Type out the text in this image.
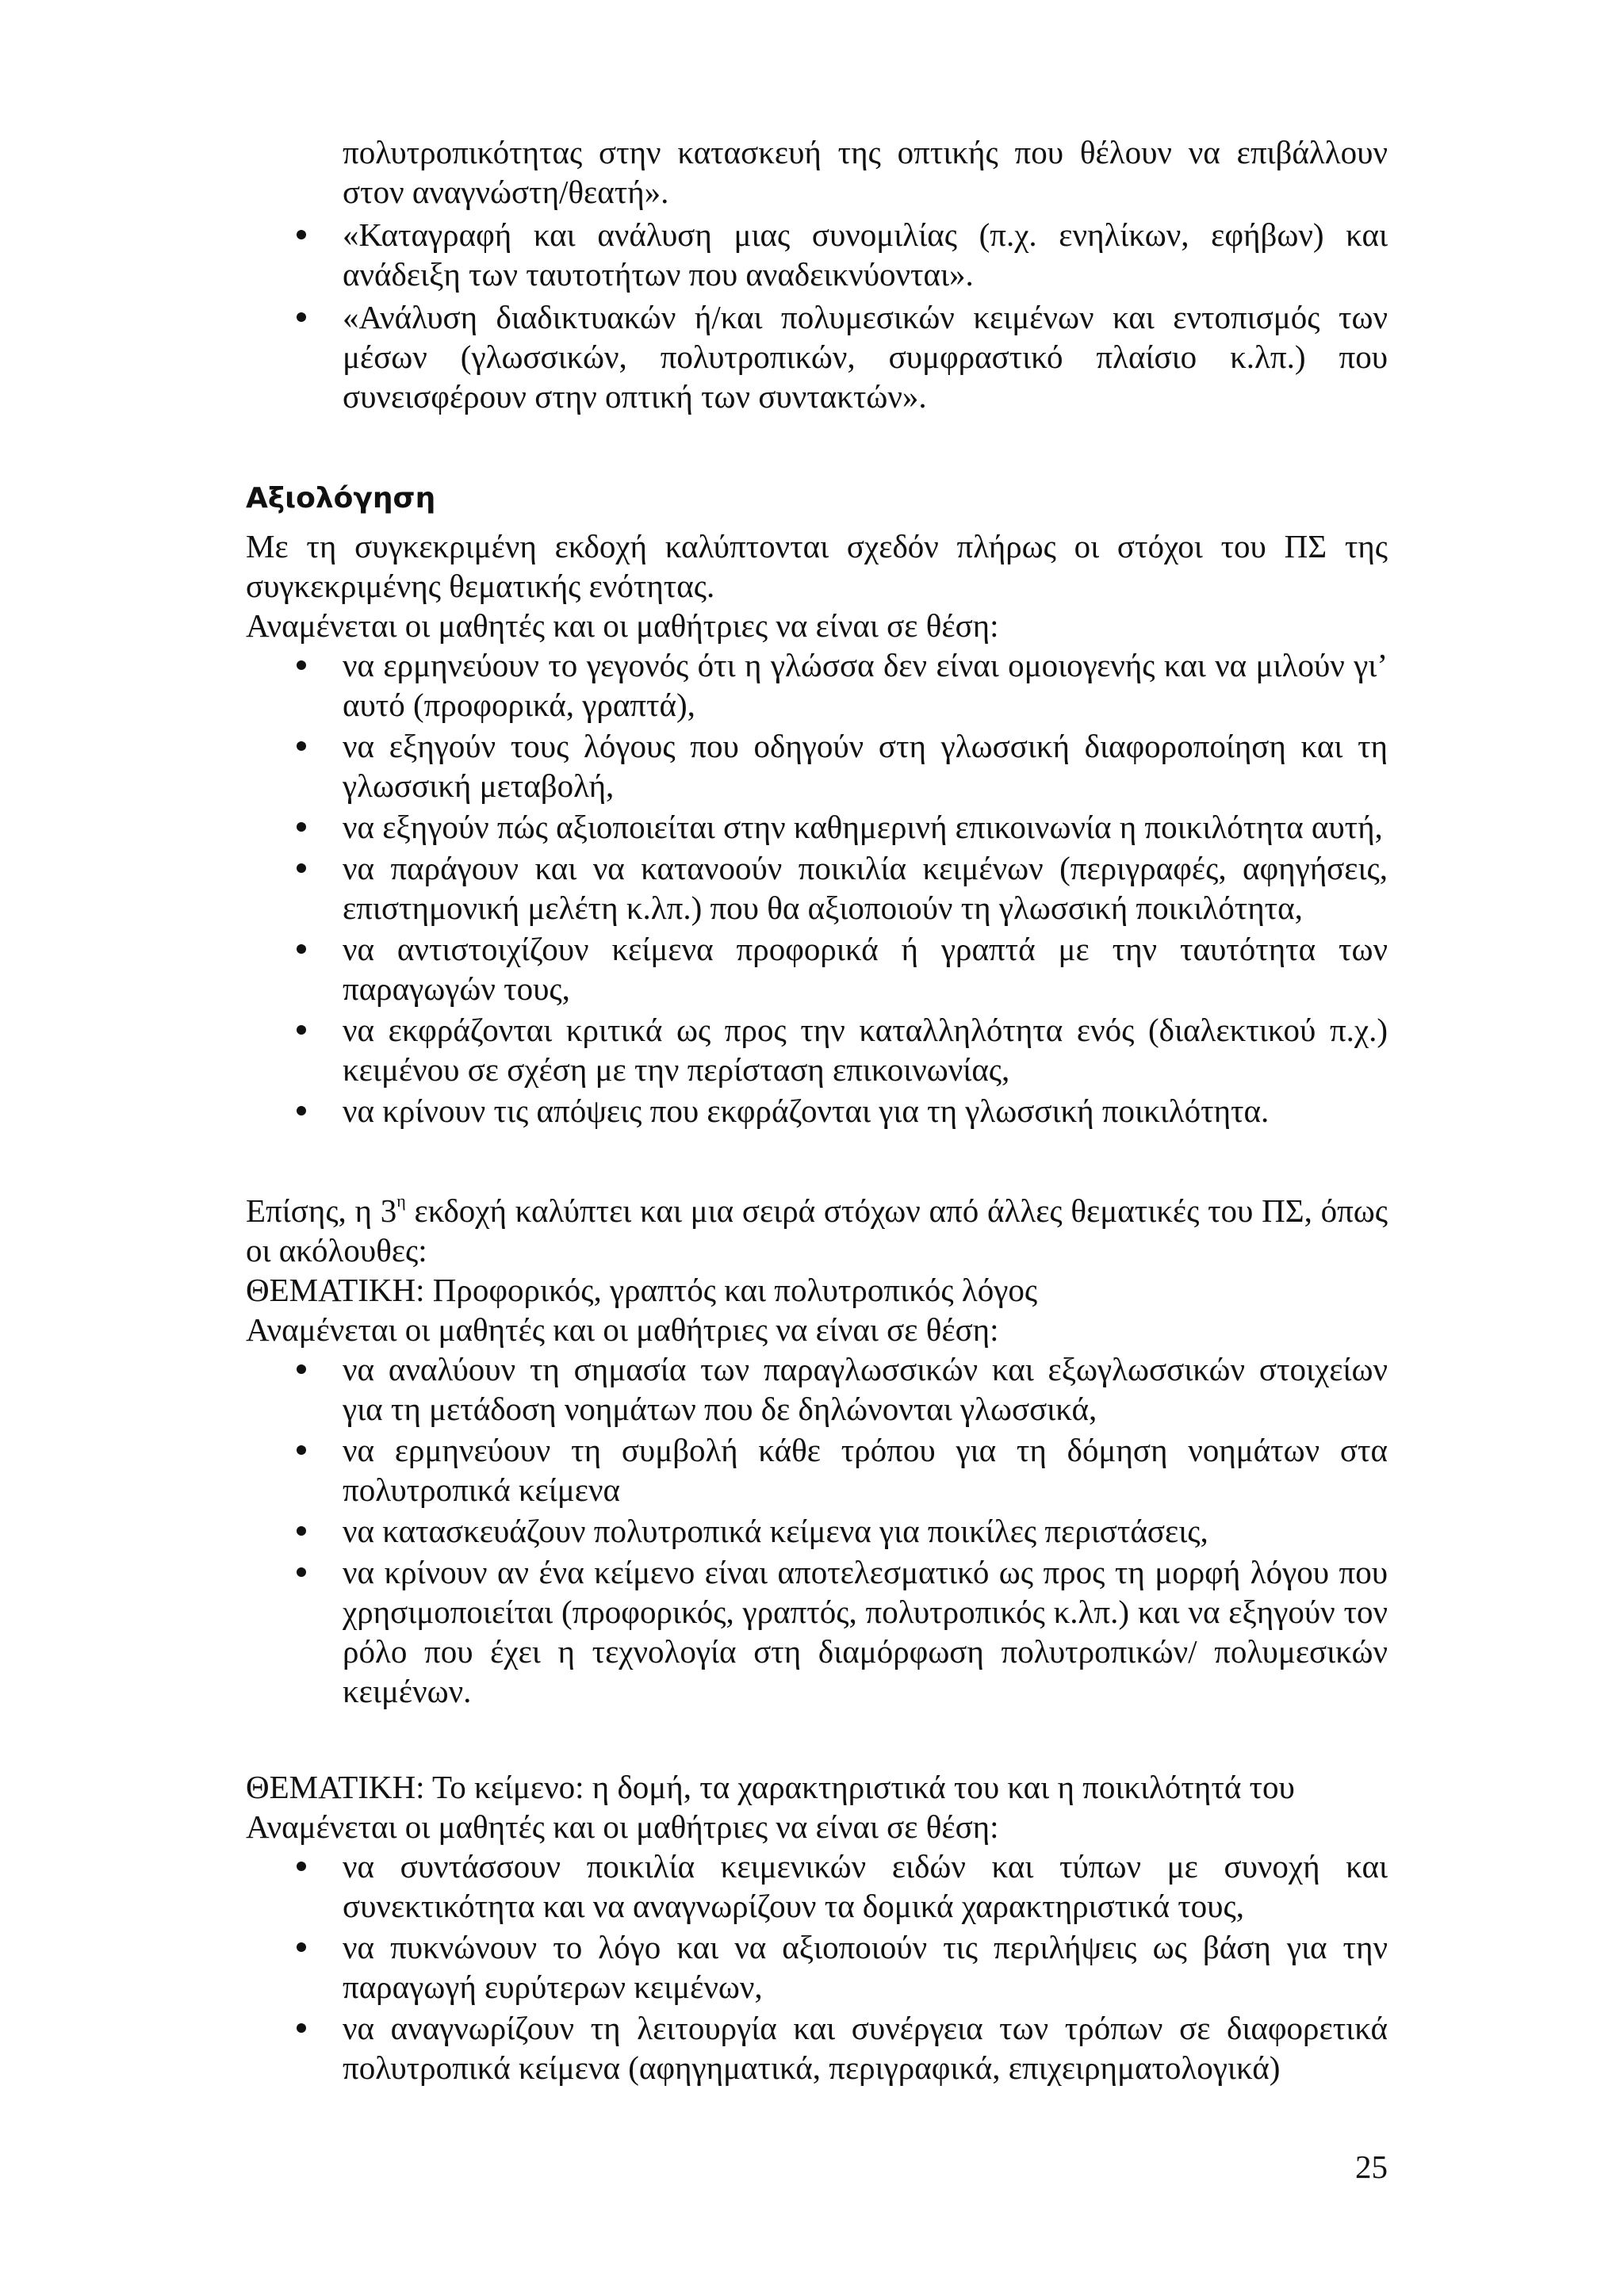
πολυτροπικότητας στην κατασκευή της οπτικής που θέλουν να επιβάλλουν στον αναγνώστη/θεατή».

«Καταγραφή και ανάλυση μιας συνομιλίας (π.χ. ενηλίκων, εφήβων) και ανάδειξη των ταυτοτήτων που αναδεικνύονται».
«Ανάλυση διαδικτυακών ή/και πολυμεσικών κειμένων και εντοπισμός των μέσων (γλωσσικών, πολυτροπικών, συμφραστικό πλαίσιο κ.λπ.) που συνεισφέρουν στην οπτική των συντακτών».
Αξιολόγηση

Με τη συγκεκριμένη εκδοχή καλύπτονται σχεδόν πλήρως οι στόχοι του ΠΣ της συγκεκριμένης θεματικής ενότητας.

Αναμένεται οι μαθητές και οι μαθήτριες να είναι σε θέση:

να ερμηνεύουν το γεγονός ότι η γλώσσα δεν είναι ομοιογενής και να μιλούν γι’ αυτό (προφορικά, γραπτά),
να εξηγούν τους λόγους που οδηγούν στη γλωσσική διαφοροποίηση και τη γλωσσική μεταβολή,
να εξηγούν πώς αξιοποιείται στην καθημερινή επικοινωνία η ποικιλότητα αυτή,
να παράγουν και να κατανοούν ποικιλία κειμένων (περιγραφές, αφηγήσεις, επιστημονική μελέτη κ.λπ.) που θα αξιοποιούν τη γλωσσική ποικιλότητα,
να αντιστοιχίζουν κείμενα προφορικά ή γραπτά με την ταυτότητα των παραγωγών τους,
να εκφράζονται κριτικά ως προς την καταλληλότητα ενός (διαλεκτικού π.χ.) κειμένου σε σχέση με την περίσταση επικοινωνίας,
να κρίνουν τις απόψεις που εκφράζονται για τη γλωσσική ποικιλότητα.

Επίσης, η $3^\eta$ εκδοχή καλύπτει και μια σειρά στόχων από άλλες θεματικές του ΠΣ, όπως οι ακόλουθες:

ΘΕΜΑΤΙΚΗ: Προφορικός, γραπτός και πολυτροπικός λόγος

Αναμένεται οι μαθητές και οι μαθήτριες να είναι σε θέση:

να αναλύουν τη σημασία των παραγλωσσικών και εξωγλωσσικών στοιχείων για τη μετάδοση νοημάτων που δε δηλώνονται γλωσσικά,
να ερμηνεύουν τη συμβολή κάθε τρόπου για τη δόμηση νοημάτων στα πολυτροπικά κείμενα
να κατασκευάζουν πολυτροπικά κείμενα για ποικίλες περιστάσεις,
να κρίνουν αν ένα κείμενο είναι αποτελεσματικό ως προς τη μορφή λόγου που χρησιμοποιείται (προφορικός, γραπτός, πολυτροπικός κ.λπ.) και να εξηγούν τον ρόλο που έχει η τεχνολογία στη διαμόρφωση πολυτροπικών/ πολυμεσικών κειμένων.

ΘΕΜΑΤΙΚΗ: Το κείμενο: η δομή, τα χαρακτηριστικά του και η ποικιλότητά του

Αναμένεται οι μαθητές και οι μαθήτριες να είναι σε θέση:

να συντάσσουν ποικιλία κειμενικών ειδών και τύπων με συνοχή και συνεκτικότητα και να αναγνωρίζουν τα δομικά χαρακτηριστικά τους,
να πυκνώνουν το λόγο και να αξιοποιούν τις περιλήψεις ως βάση για την παραγωγή ευρύτερων κειμένων,
να αναγνωρίζουν τη λειτουργία και συνέργεια των τρόπων σε διαφορετικά πολυτροπικά κείμενα (αφηγηματικά, περιγραφικά, επιχειρηματολογικά)
25
